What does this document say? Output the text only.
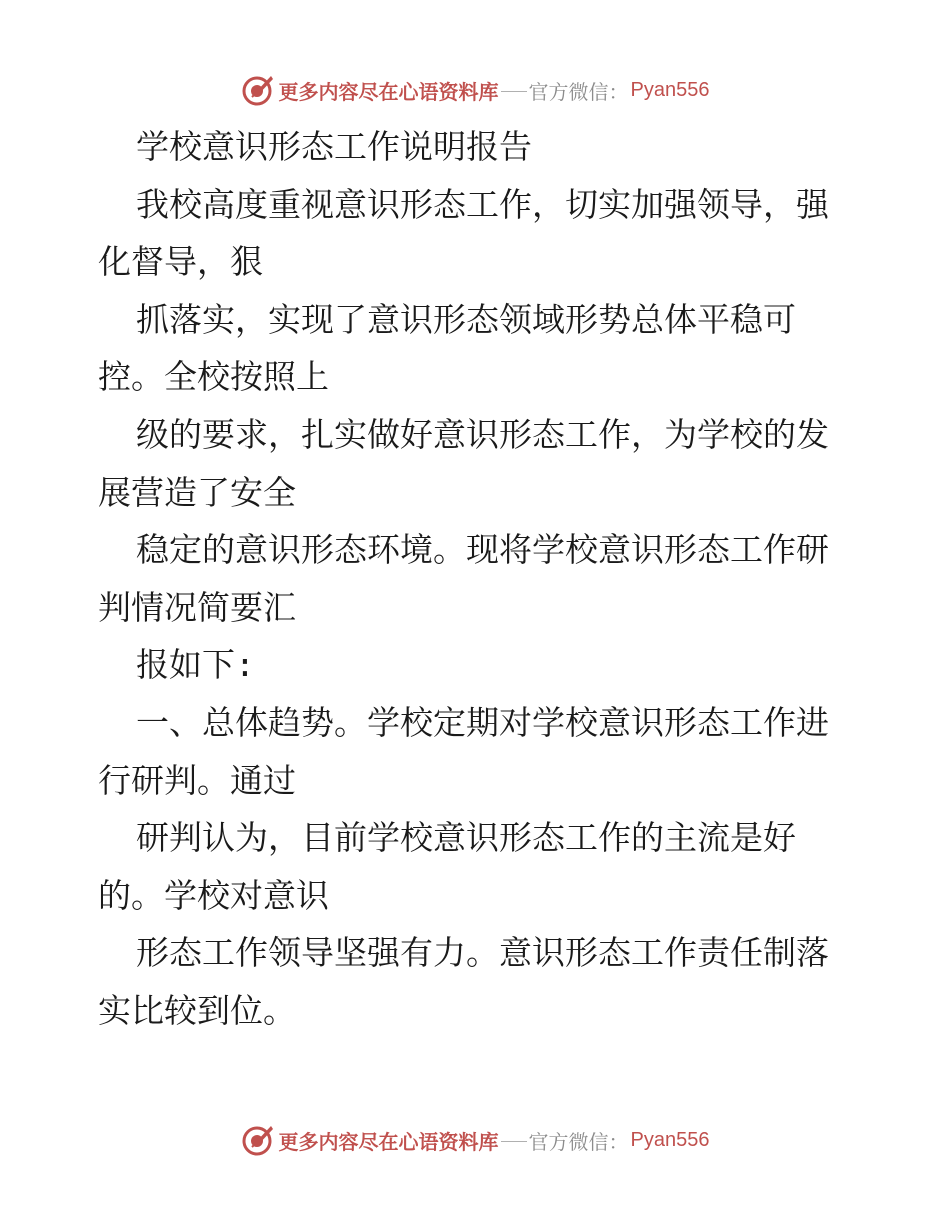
更多内容尽在心语资料库 官方微信： Pyan556
学校意识形态工作说明报告
我校高度重视意识形态工作，切实加强领导，强
化督导，狠
抓落实，实现了意识形态领域形势总体平稳可
控。全校按照上
级的要求，扎实做好意识形态工作，为学校的发
展营造了安全
稳定的意识形态环境。现将学校意识形态工作研
判情况简要汇
报如下:
一、总体趋势。学校定期对学校意识形态工作进
行研判。通过
研判认为，目前学校意识形态工作的主流是好
的。学校对意识
形态工作领导坚强有力。意识形态工作责任制落
实比较到位。
更多内容尽在心语资料库 官方微信： Pyan556
